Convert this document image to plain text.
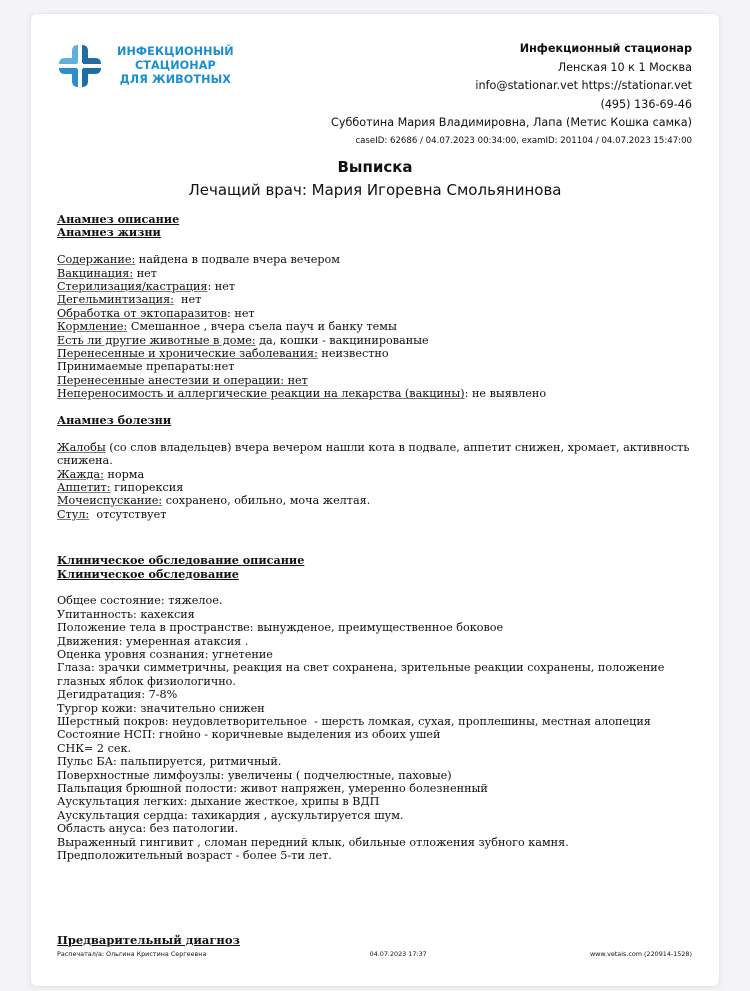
ИНФЕКЦИОННЫЙ
СТАЦИОНАР
ДЛЯ ЖИВОТНЫХ
Инфекционный стационар
Ленская 10 к 1 Москва
info@stationar.vet https://stationar.vet
(495) 136-69-46
Субботина Мария Владимировна, Лапа (Метис Кошка самка)
caseID: 62686 / 04.07.2023 00:34:00, examID: 201104 / 04.07.2023 15:47:00
Выписка
Лечащий врач: Мария Игоревна Смольянинова
Анамнез описание
Анамнез жизни
Содержание: найдена в подвале вчера вечером
Вакцинация: нет
Стерилизация/кастрация: нет
Дегельминтизация:  нет
Обработка от эктопаразитов: нет
Кормление: Смешанное , вчера съела пауч и банку темы
Есть ли другие животные в доме: да, кошки - вакцинированые
Перенесенные и хронические заболевания: неизвестно
Принимаемые препараты:нет
Перенесенные анестезии и операции: нет
Непереносимость и аллергические реакции на лекарства (вакцины): не выявлено
Анамнез болезни
Жалобы (со слов владельцев) вчера вечером нашли кота в подвале, аппетит снижен, хромает, активность снижена.
Жажда: норма
Аппетит: гипорексия
Мочеиспускание: сохранено, обильно, моча желтая.
Стул:  отсутствует
Клиническое обследование описание
Клиническое обследование
Общее состояние: тяжелое.
Упитанность: кахексия
Положение тела в пространстве: вынужденое, преимущественное боковое
Движения: умеренная атаксия .
Оценка уровня сознания: угнетение
Глаза: зрачки симметричны, реакция на свет сохранена, зрительные реакции сохранены, положение глазных яблок физиологично.
Дегидратация: 7-8%
Тургор кожи: значительно снижен
Шерстный покров: неудовлетворительное  - шерсть ломкая, сухая, проплешины, местная алопеция
Состояние НСП: гнойно - коричневые выделения из обоих ушей
СНК= 2 сек.
Пульс БА: пальпируется, ритмичный.
Поверхностные лимфоузлы: увеличены ( подчелюстные, паховые)
Пальпация брюшной полости: живот напряжен, умеренно болезненный
Аускультация легких: дыхание жесткое, хрипы в ВДП
Аускультация сердца: тахикардия , аускультируется шум.
Область ануса: без патологии.
Выраженный гингивит , сломан передний клык, обильные отложения зубного камня.
Предположительный возраст - более 5-ти лет.
Предварительный диагноз
Распечатал/а: Ольгина Кристина Сергеевна	04.07.2023 17:37	www.vetais.com (220914-1528)
